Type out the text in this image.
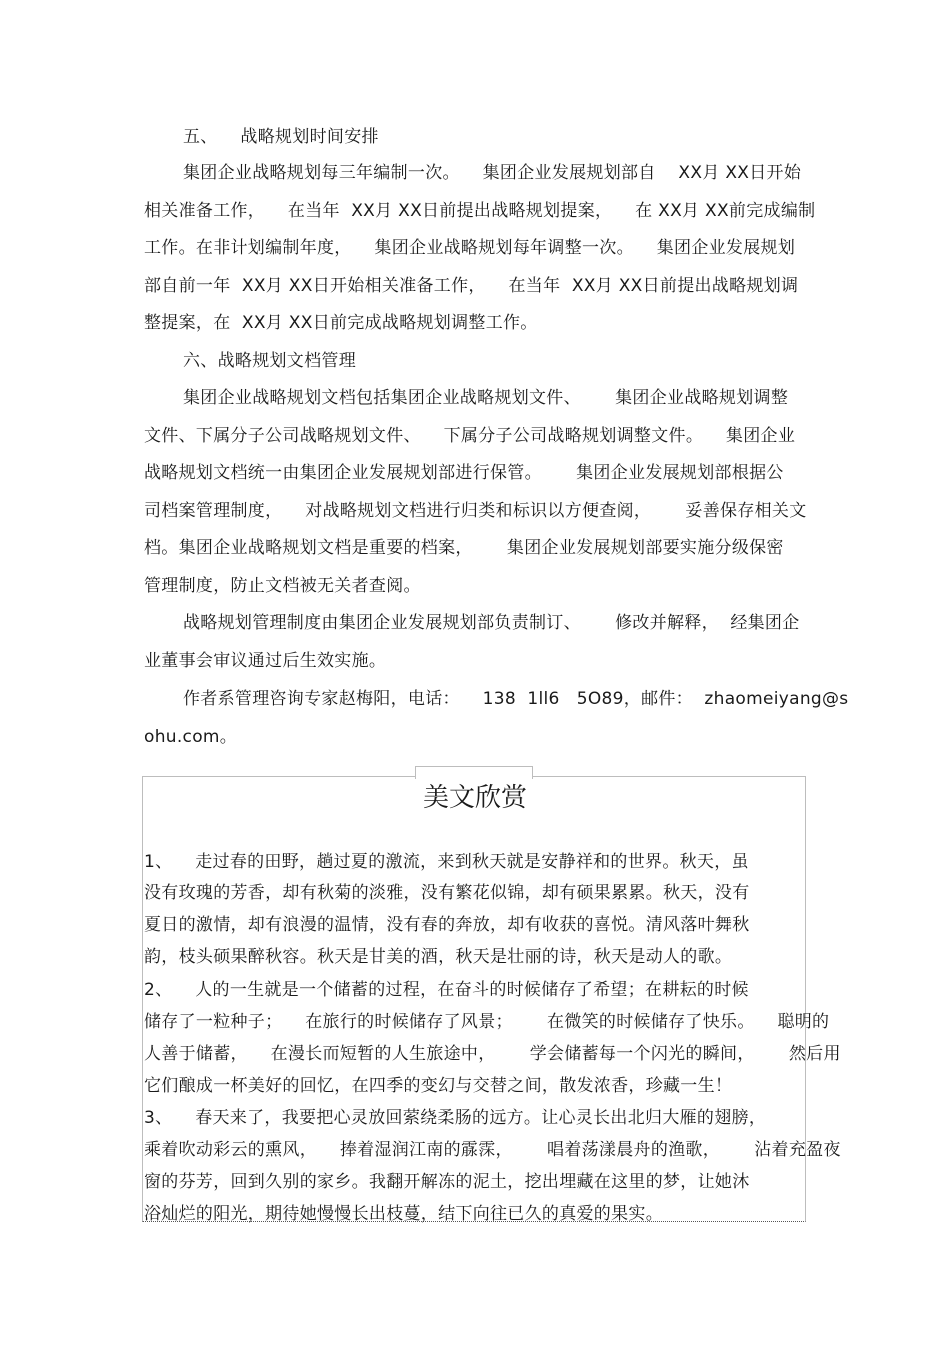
五、    战略规划时间安排
集团企业战略规划每三年编制一次。    集团企业发展规划部自    XX月 XX日开始
相关准备工作，    在当年  XX月 XX日前提出战略规划提案，    在 XX月 XX前完成编制
工作。在非计划编制年度，    集团企业战略规划每年调整一次。    集团企业发展规划
部自前一年  XX月 XX日开始相关准备工作，    在当年  XX月 XX日前提出战略规划调
整提案，在  XX月 XX日前完成战略规划调整工作。
六、战略规划文档管理
集团企业战略规划文档包括集团企业战略规划文件、      集团企业战略规划调整
文件、下属分子公司战略规划文件、    下属分子公司战略规划调整文件。    集团企业
战略规划文档统一由集团企业发展规划部进行保管。      集团企业发展规划部根据公
司档案管理制度，    对战略规划文档进行归类和标识以方便查阅，      妥善保存相关文
档。集团企业战略规划文档是重要的档案，      集团企业发展规划部要实施分级保密
管理制度，防止文档被无关者查阅。
战略规划管理制度由集团企业发展规划部负责制订、      修改并解释，  经集团企
业董事会审议通过后生效实施。
作者系管理咨询专家赵梅阳，电话：    138  1ll6   5O89，邮件：  zhaomeiyang@s
ohu.com。
美文欣赏
1、    走过春的田野，趟过夏的激流，来到秋天就是安静祥和的世界。秋天，虽
没有玫瑰的芳香，却有秋菊的淡雅，没有繁花似锦，却有硕果累累。秋天，没有
夏日的激情，却有浪漫的温情，没有春的奔放，却有收获的喜悦。清风落叶舞秋
韵，枝头硕果醉秋容。秋天是甘美的酒，秋天是壮丽的诗，秋天是动人的歌。
2、    人的一生就是一个储蓄的过程，在奋斗的时候储存了希望；在耕耘的时候
储存了一粒种子；    在旅行的时候储存了风景；      在微笑的时候储存了快乐。    聪明的
人善于储蓄，    在漫长而短暂的人生旅途中，      学会储蓄每一个闪光的瞬间，      然后用
它们酿成一杯美好的回忆，在四季的变幻与交替之间，散发浓香，珍藏一生！
3、    春天来了，我要把心灵放回萦绕柔肠的远方。让心灵长出北归大雁的翅膀，
乘着吹动彩云的熏风，    捧着湿润江南的霡霂，      唱着荡漾晨舟的渔歌，      沾着充盈夜
窗的芬芳，回到久别的家乡。我翻开解冻的泥土，挖出埋藏在这里的梦，让她沐
浴灿烂的阳光，期待她慢慢长出枝蔓，结下向往已久的真爱的果实。
